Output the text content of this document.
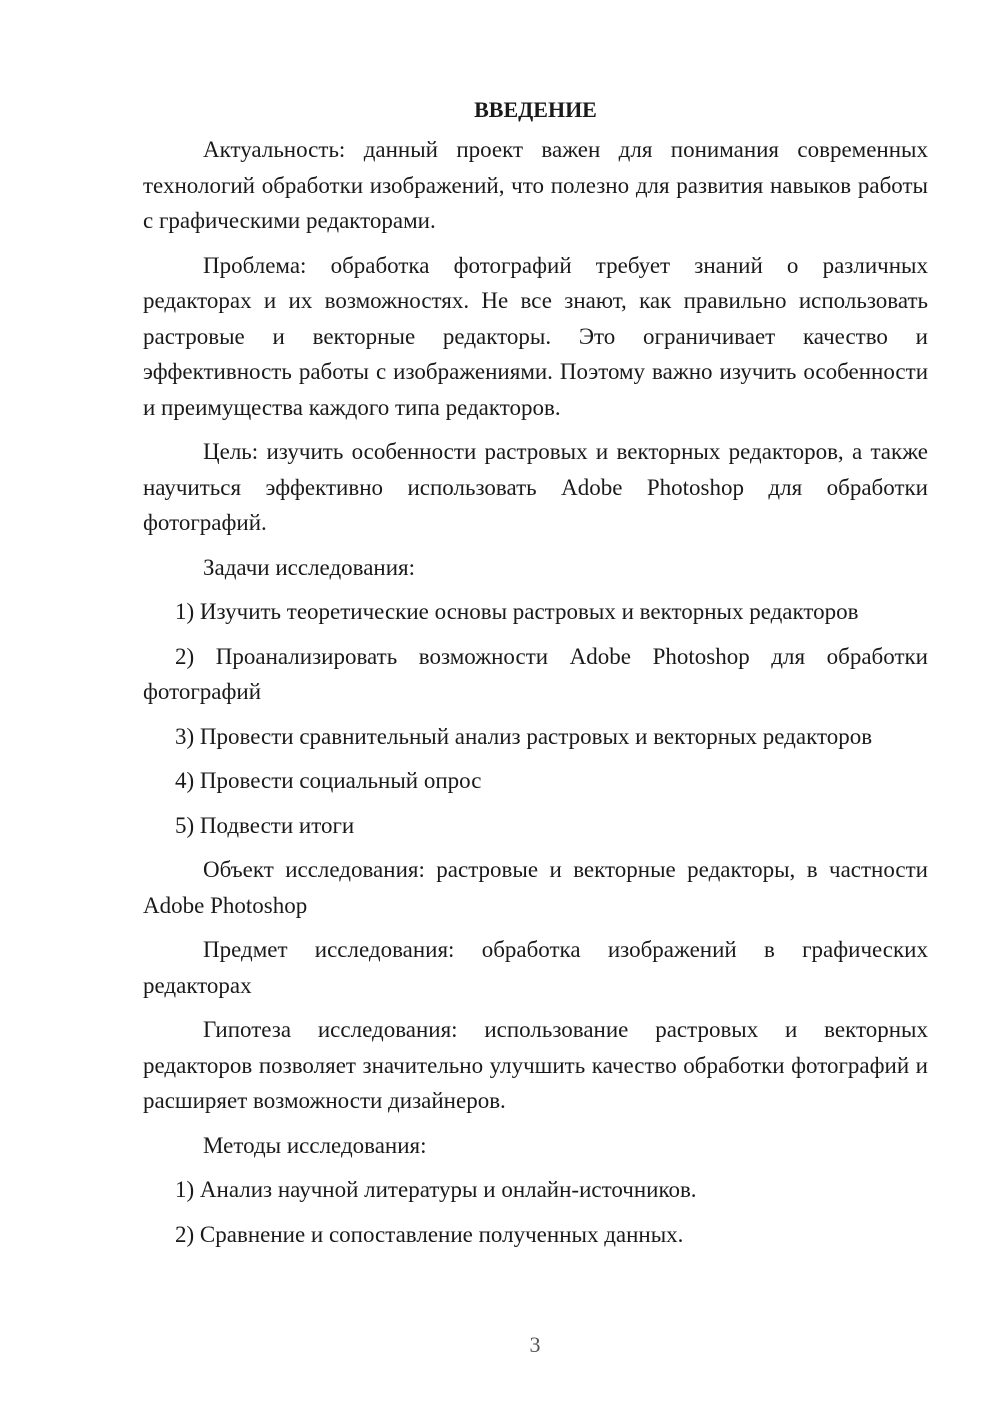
ВВЕДЕНИЕ

Актуальность: данный проект важен для понимания современных технологий обработки изображений, что полезно для развития навыков работы с графическими редакторами.

Проблема: обработка фотографий требует знаний о различных редакторах и их возможностях. Не все знают, как правильно использовать растровые и векторные редакторы. Это ограничивает качество и эффективность работы с изображениями. Поэтому важно изучить особенности и преимущества каждого типа редакторов.

Цель: изучить особенности растровых и векторных редакторов, а также научиться эффективно использовать Adobe Photoshop для обработки фотографий.

Задачи исследования:

1) Изучить теоретические основы растровых и векторных редакторов

2) Проанализировать возможности Adobe Photoshop для обработки фотографий

3) Провести сравнительный анализ растровых и векторных редакторов

4) Провести социальный опрос

5) Подвести итоги

Объект исследования: растровые и векторные редакторы, в частности Adobe Photoshop

Предмет исследования: обработка изображений в графических редакторах

Гипотеза исследования: использование растровых и векторных редакторов позволяет значительно улучшить качество обработки фотографий и расширяет возможности дизайнеров.

Методы исследования:

1) Анализ научной литературы и онлайн-источников.

2) Сравнение и сопоставление полученных данных.

3
